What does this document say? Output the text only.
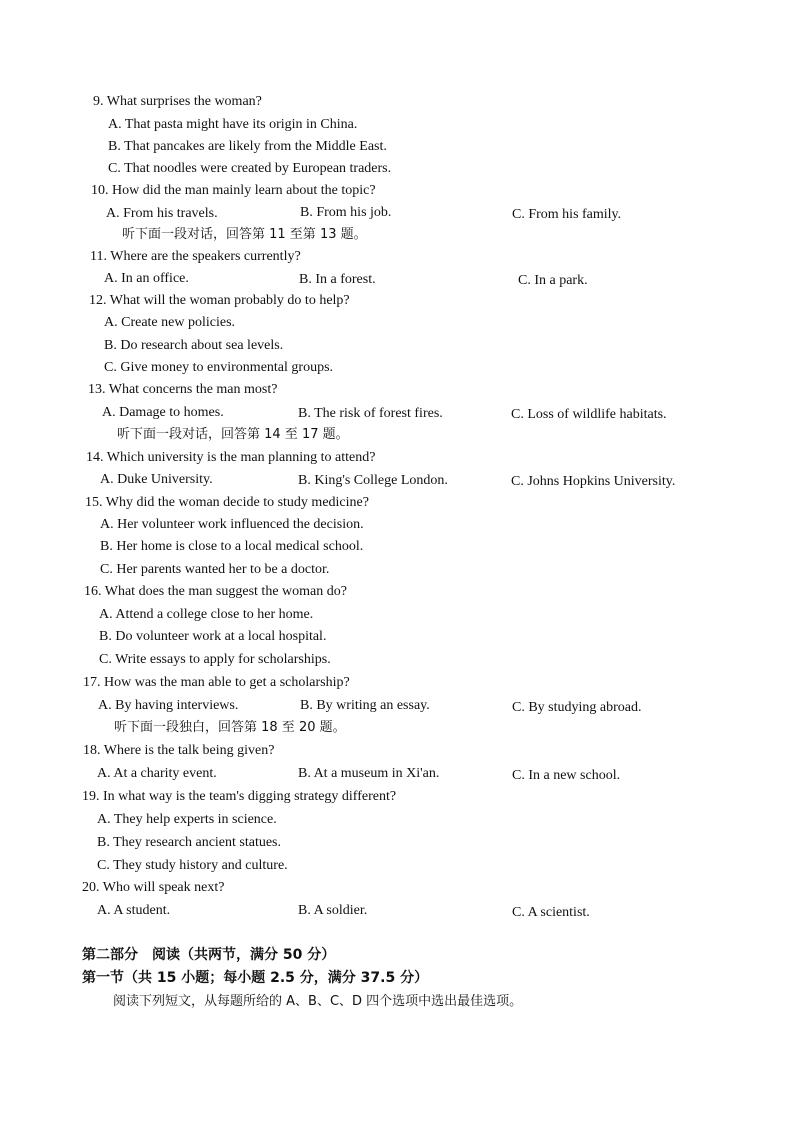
9. What surprises the woman?
A. That pasta might have its origin in China.
B. That pancakes are likely from the Middle East.
C. That noodles were created by European traders.
10. How did the man mainly learn about the topic?
A. From his travels.	B. From his job.	C. From his family.
听下面一段对话，回答第 11 至第 13 题。
11. Where are the speakers currently?
A. In an office.	B. In a forest.	C. In a park.
12. What will the woman probably do to help?
A. Create new policies.
B. Do research about sea levels.
C. Give money to environmental groups.
13. What concerns the man most?
A. Damage to homes.	B. The risk of forest fires.	C. Loss of wildlife habitats.
听下面一段对话，回答第 14 至 17 题。
14. Which university is the man planning to attend?
A. Duke University.	B. King's College London.	C. Johns Hopkins University.
15. Why did the woman decide to study medicine?
A. Her volunteer work influenced the decision.
B. Her home is close to a local medical school.
C. Her parents wanted her to be a doctor.
16. What does the man suggest the woman do?
A. Attend a college close to her home.
B. Do volunteer work at a local hospital.
C. Write essays to apply for scholarships.
17. How was the man able to get a scholarship?
A. By having interviews.	B. By writing an essay.	C. By studying abroad.
听下面一段独白，回答第 18 至 20 题。
18. Where is the talk being given?
A. At a charity event.	B. At a museum in Xi'an.	C. In a new school.
19. In what way is the team's digging strategy different?
A. They help experts in science.
B. They research ancient statues.
C. They study history and culture.
20. Who will speak next?
A. A student.	B. A soldier.	C. A scientist.
第二部分　阅读（共两节，满分 50 分）
第一节（共 15 小题；每小题 2.5 分，满分 37.5 分）
阅读下列短文，从每题所给的 A、B、C、D 四个选项中选出最佳选项。
